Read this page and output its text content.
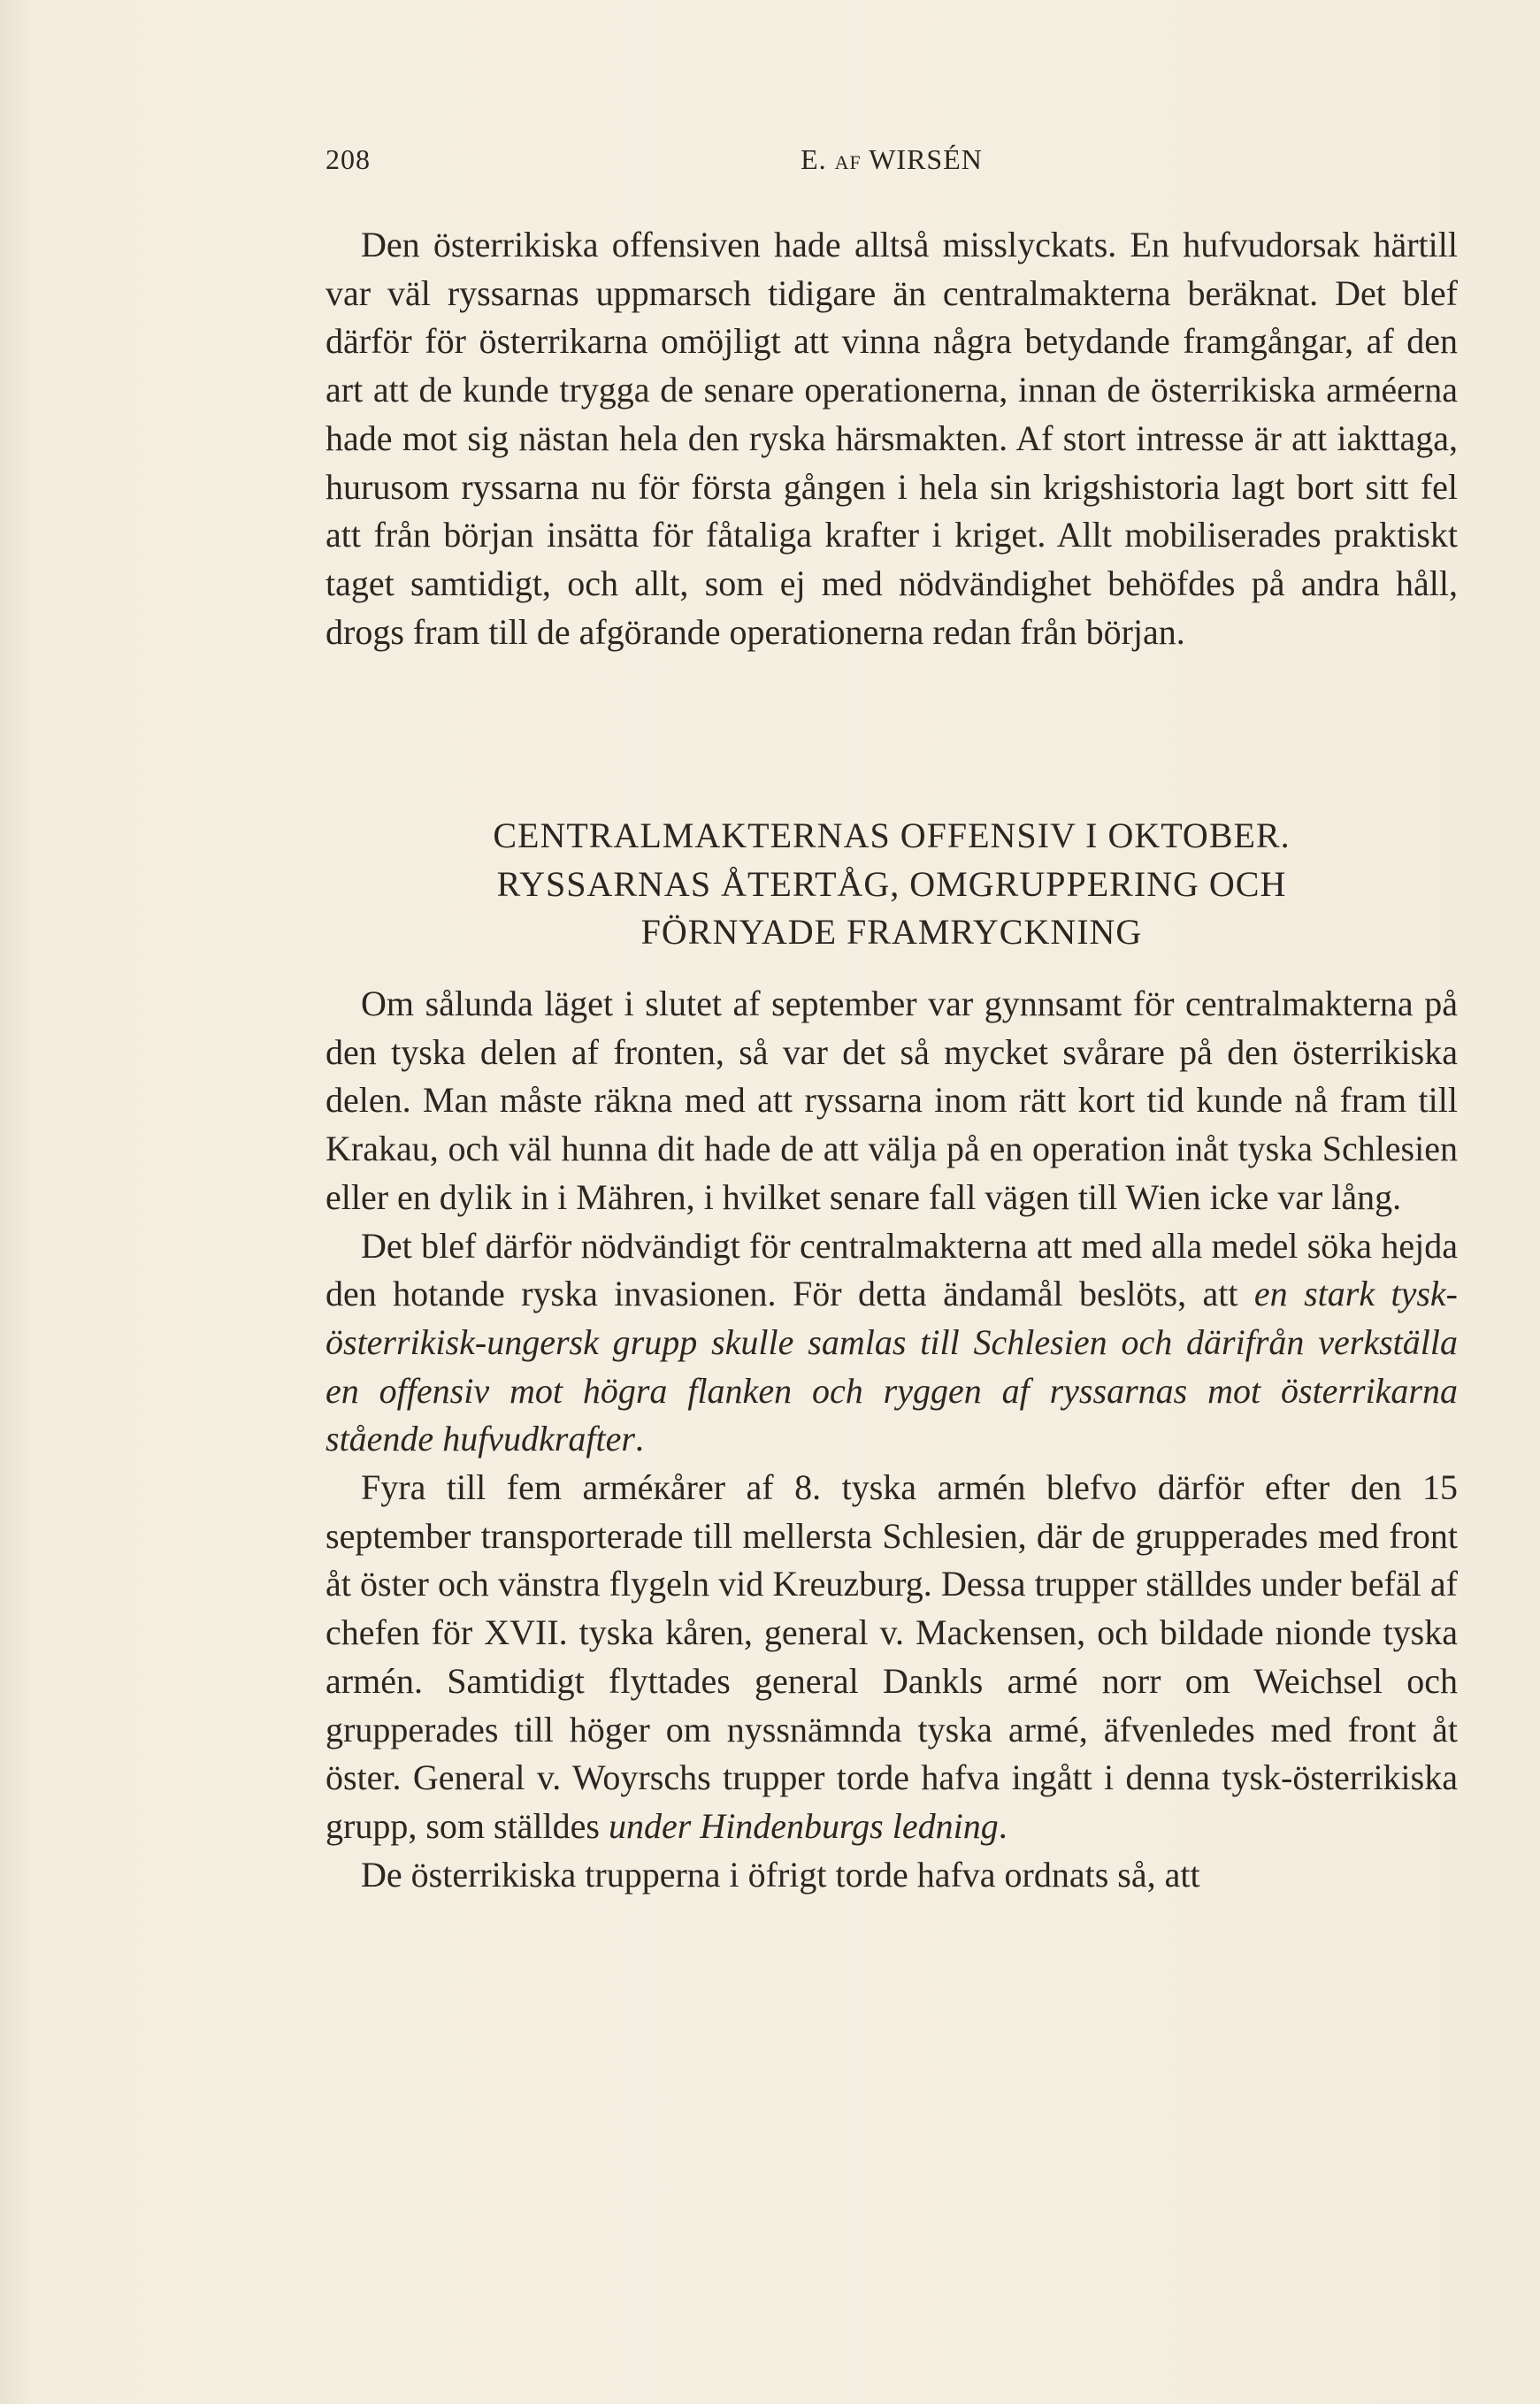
208	E. AF WIRSÉN

Den österrikiska offensiven hade alltså misslyckats. En hufvudorsak härtill var väl ryssarnas uppmarsch tidigare än centralmakterna beräknat. Det blef därför för österrikarna omöjligt att vinna några betydande framgångar, af den art att de kunde trygga de senare operationerna, innan de österrikiska arméerna hade mot sig nästan hela den ryska härsmakten. Af stort intresse är att iakttaga, hurusom ryssarna nu för första gången i hela sin krigshistoria lagt bort sitt fel att från början insätta för fåtaliga krafter i kriget. Allt mobiliserades praktiskt taget samtidigt, och allt, som ej med nödvändighet behöfdes på andra håll, drogs fram till de afgörande operationerna redan från början.

CENTRALMAKTERNAS OFFENSIV I OKTOBER.
RYSSARNAS ÅTERTÅG, OMGRUPPERING OCH
FÖRNYADE FRAMRYCKNING

Om sålunda läget i slutet af september var gynnsamt för centralmakterna på den tyska delen af fronten, så var det så mycket svårare på den österrikiska delen. Man måste räkna med att ryssarna inom rätt kort tid kunde nå fram till Krakau, och väl hunna dit hade de att välja på en operation inåt tyska Schlesien eller en dylik in i Mähren, i hvilket senare fall vägen till Wien icke var lång.

Det blef därför nödvändigt för centralmakterna att med alla medel söka hejda den hotande ryska invasionen. För detta ändamål beslöts, att en stark tysk-österrikisk-ungersk grupp skulle samlas till Schlesien och därifrån verkställa en offensiv mot högra flanken och ryggen af ryssarnas mot österrikarna stående hufvudkrafter.

Fyra till fem arméкårer af 8. tyska armén blefvo därför efter den 15 september transporterade till mellersta Schlesien, där de grupperades med front åt öster och vänstra flygeln vid Kreuzburg. Dessa trupper ställdes under befäl af chefen för XVII. tyska kåren, general v. Mackensen, och bildade nionde tyska armén. Samtidigt flyttades general Dankls armé norr om Weichsel och grupperades till höger om nyssnämnda tyska armé, äfvenledes med front åt öster. General v. Woyrschs trupper torde hafva ingått i denna tysk-österrikiska grupp, som ställdes under Hindenburgs ledning.

De österrikiska trupperna i öfrigt torde hafva ordnats så, att
